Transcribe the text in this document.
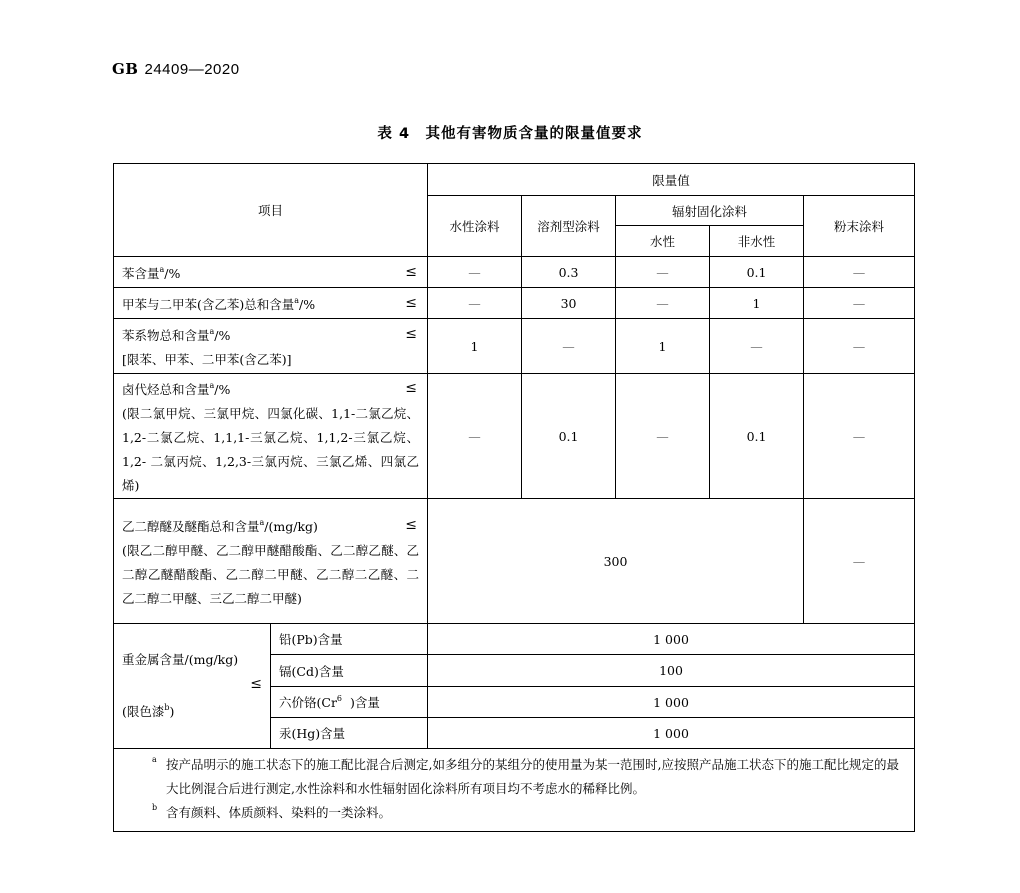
GB 24409—2020
表 4　其他有害物质含量的限量值要求
项目		限量值				
		水性涂料	溶剂型涂料	辐射固化涂料		粉末涂料
				水性	非水性	

苯含量$^a$/% ≤		—	0.3	—	0.1	—

甲苯与二甲苯(含乙苯)总和含量$^a$/% ≤		—	30	—	1	—

苯系物总和含量$^a$/% ≤
[限苯、甲苯、二甲苯(含乙苯)]		1	—	1	—	—

卤代烃总和含量$^a$/% ≤
(限二氯甲烷、三氯甲烷、四氯化碳、1,1-二氯乙烷、1,2-二氯乙烷、1,1,1-三氯乙烷、1,1,2-三氯乙烷、1,2- 二氯丙烷、1,2,3-三氯丙烷、三氯乙烯、四氯乙烯)		—	0.1	—	0.1	—

乙二醇醚及醚酯总和含量$^a$/(mg/kg) ≤
(限乙二醇甲醚、乙二醇甲醚醋酸酯、乙二醇乙醚、乙二醇乙醚醋酸酯、乙二醇二甲醚、乙二醇二乙醚、二乙二醇二甲醚、三乙二醇二甲醚)		300				—

重金属含量/(mg/kg)
≤
(限色漆$^b$)	铅(Pb)含量	1 000				
	镉(Cd)含量	100				
	六价铬(Cr$^6$  )含量	1 000				
	汞(Hg)含量	1 000				

a 按产品明示的施工状态下的施工配比混合后测定,如多组分的某组分的使用量为某一范围时,应按照产品施工状态下的施工配比规定的最大比例混合后进行测定,水性涂料和水性辐射固化涂料所有项目均不考虑水的稀释比例。
b 含有颜料、体质颜料、染料的一类涂料。						
